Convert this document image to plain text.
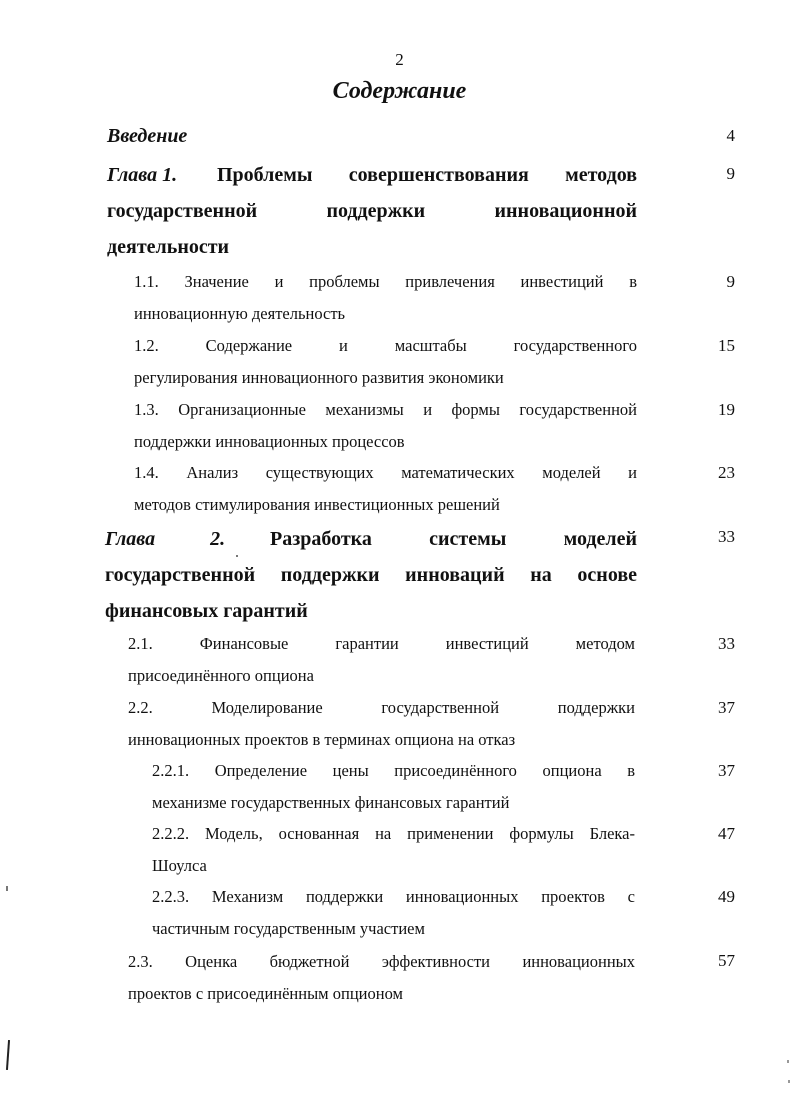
2
Содержание
Введение	4
Глава 1. Проблемы совершенствования методов
государственной поддержки инновационной
деятельности
9
1.1. Значение и проблемы привлечения инвестиций в
инновационную деятельность
9
1.2. Содержание и масштабы государственного
регулирования инновационного развития экономики
15
1.3. Организационные механизмы и формы государственной
поддержки инновационных процессов
19
1.4. Анализ существующих математических моделей и
методов стимулирования инвестиционных решений
23
Глава 2. Разработка системы моделей
государственной поддержки инноваций на основе
финансовых гарантий
33
2.1. Финансовые гарантии инвестиций методом
присоединённого опциона
33
2.2. Моделирование государственной поддержки
инновационных проектов в терминах опциона на отказ
37
2.2.1. Определение цены присоединённого опциона в
механизме государственных финансовых гарантий
37
2.2.2. Модель, основанная на применении формулы Блека-
Шоулса
47
2.2.3. Механизм поддержки инновационных проектов с
частичным государственным участием
49
2.3. Оценка бюджетной эффективности инновационных
проектов с присоединённым опционом
57
